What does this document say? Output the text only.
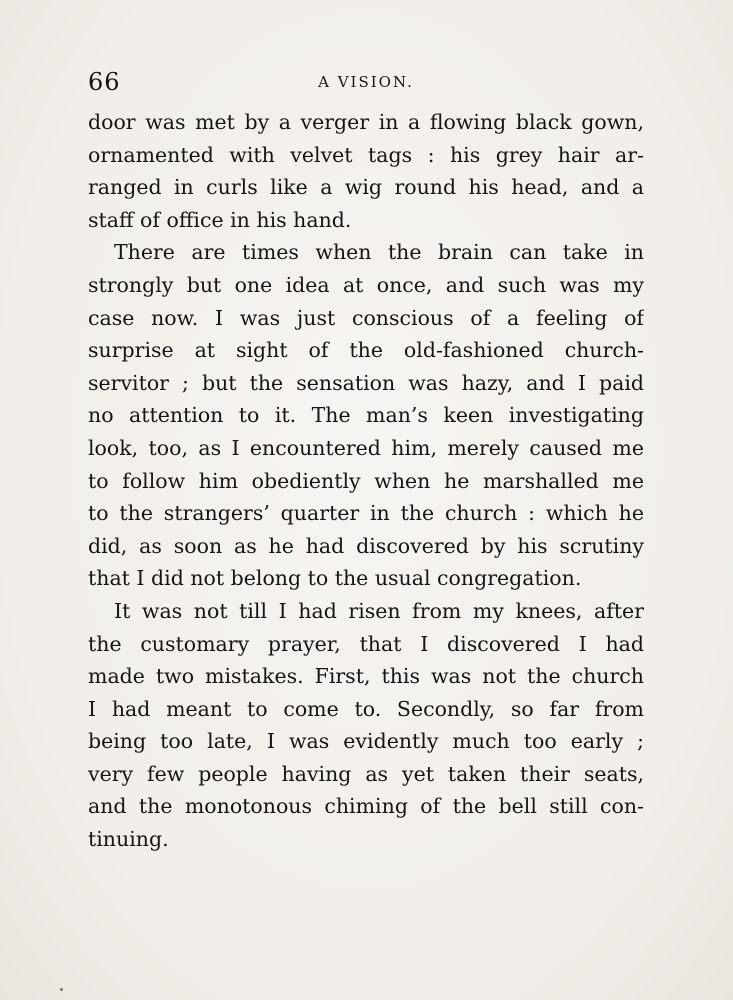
66	A VISION.

door was met by a verger in a flowing black gown,
ornamented with velvet tags : his grey hair ar-
ranged in curls like a wig round his head, and a
staff of office in his hand.

There are times when the brain can take in
strongly but one idea at once, and such was my
case now. I was just conscious of a feeling of
surprise at sight of the old-fashioned church-
servitor ; but the sensation was hazy, and I paid
no attention to it. The man’s keen investigating
look, too, as I encountered him, merely caused me
to follow him obediently when he marshalled me
to the strangers’ quarter in the church : which he
did, as soon as he had discovered by his scrutiny
that I did not belong to the usual congregation.

It was not till I had risen from my knees, after
the customary prayer, that I discovered I had
made two mistakes. First, this was not the church
I had meant to come to. Secondly, so far from
being too late, I was evidently much too early ;
very few people having as yet taken their seats,
and the monotonous chiming of the bell still con-
tinuing.
